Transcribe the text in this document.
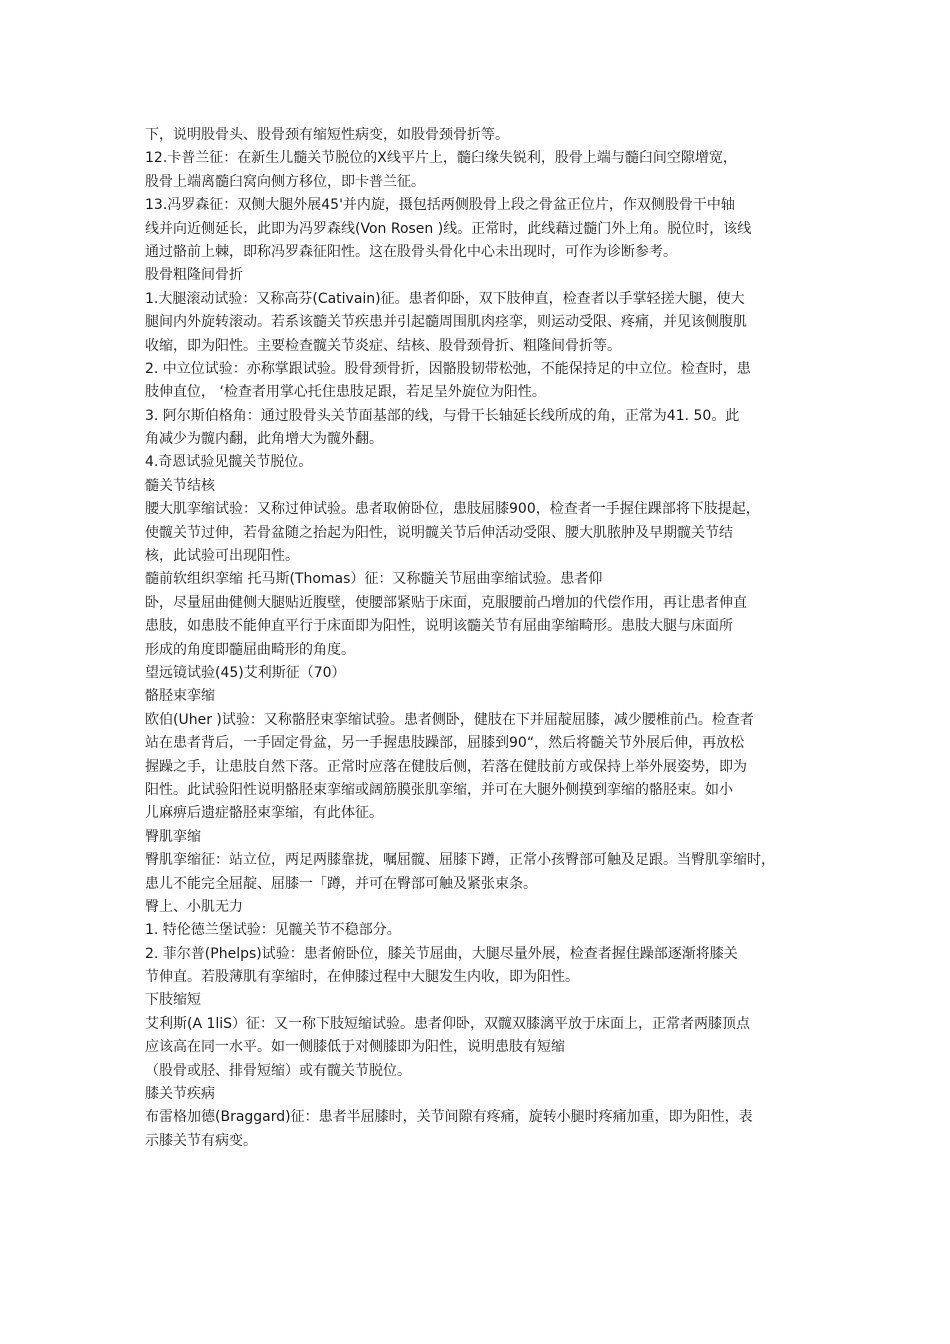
下，说明股骨头、股骨颈有缩短性病变，如股骨颈骨折等。
12.卡普兰征：在新生儿髓关节脱位的X线平片上，髓臼缘失锐利，股骨上端与髓臼间空隙增宽，
股骨上端离髓臼窝向侧方移位，即卡普兰征。
13.冯罗森征：双侧大腿外展45'并内旋，摄包括两侧股骨上段之骨盆正位片，作双侧股骨干中轴
线并向近侧延长，此即为冯罗森线(Von Rosen )线。正常时，此线藉过髓门外上角。脱位时，该线
通过骼前上棘，即称冯罗森征阳性。这在股骨头骨化中心未出现时，可作为诊断参考。
股骨粗隆间骨折
1.大腿滚动试验：又称高芬(Cativain)征。患者仰卧，双下肢伸直，检查者以手掌轻搓大腿，使大
腿间内外旋转滚动。若系该髓关节疾患并引起髓周围肌肉痉挛，则运动受限、疼痛，并见该侧腹肌
收缩，即为阳性。主要检查髋关节炎症、结核、股骨颈骨折、粗隆间骨折等。
2. 中立位试验：亦称掌跟试验。股骨颈骨折，因骼股韧带松弛，不能保持足的中立位。检查时，患
肢伸直位， ‘检查者用掌心托住患肢足跟，若足呈外旋位为阳性。
3. 阿尔斯伯格角：通过股骨头关节面基部的线，与骨干长轴延长线所成的角，正常为41. 50。此
角减少为髋内翻，此角增大为髋外翻。
4.奇恩试验见髋关节脱位。
髓关节结核
腰大肌挛缩试验：又称过伸试验。患者取俯卧位，患肢屈膝900，检查者一手握住踝部将下肢提起，
使髋关节过伸，若骨盆随之抬起为阳性，说明髋关节后伸活动受限、腰大肌脓肿及早期髋关节结
核，此试验可出现阳性。
髓前软组织挛缩 托马斯(Thomas）征：又称髓关节屈曲挛缩试验。患者仰
卧，尽量屈曲健侧大腿贴近腹壁，使腰部紧贴于床面，克服腰前凸增加的代偿作用，再让患者伸直
患肢，如患肢不能伸直平行于床面即为阳性，说明该髓关节有屈曲挛缩畸形。患肢大腿与床面所
形成的角度即髓屈曲畸形的角度。
望远镜试验(45)艾利斯征（70）
骼胫束挛缩
欧伯(Uher )试验：又称骼胫束挛缩试验。患者侧卧，健肢在下并屈靛屈膝，减少腰椎前凸。检查者
站在患者背后，一手固定骨盆，另一手握患肢躁部，屈膝到90“，然后将髓关节外展后伸，再放松
握躁之手，让患肢自然下落。正常时应落在健肢后侧，若落在健肢前方或保持上举外展姿势，即为
阳性。此试验阳性说明骼胫束挛缩或阔筋膜张肌挛缩，并可在大腿外侧摸到挛缩的骼胫束。如小
儿麻痹后遗症骼胫束挛缩，有此体征。
臀肌挛缩
臀肌挛缩征：站立位，两足两膝靠拢，嘱屈髋、屈膝下蹲，正常小孩臀部可触及足跟。当臀肌挛缩时，
患儿不能完全屈靛、屈膝一「蹲，并可在臀部可触及紧张束条。
臀上、小肌无力
1. 特伦德兰堡试验：见髋关节不稳部分。
2. 菲尔普(Phelps)试验：患者俯卧位，膝关节屈曲，大腿尽量外展，检查者握住躁部逐渐将膝关
节伸直。若股薄肌有挛缩时，在伸膝过程中大腿发生内收，即为阳性。
下肢缩短
艾利斯(A 1liS）征：又一称下肢短缩试验。患者仰卧，双髋双膝漓平放于床面上，正常者两膝顶点
应该高在同一水平。如一侧膝低于对侧膝即为阳性，说明患肢有短缩
（股骨或胫、排骨短缩）或有髋关节脱位。
膝关节疾病
布雷格加德(Braggard)征：患者半屈膝时，关节间隙有疼痛，旋转小腿时疼痛加重，即为阳性，表
示膝关节有病变。
